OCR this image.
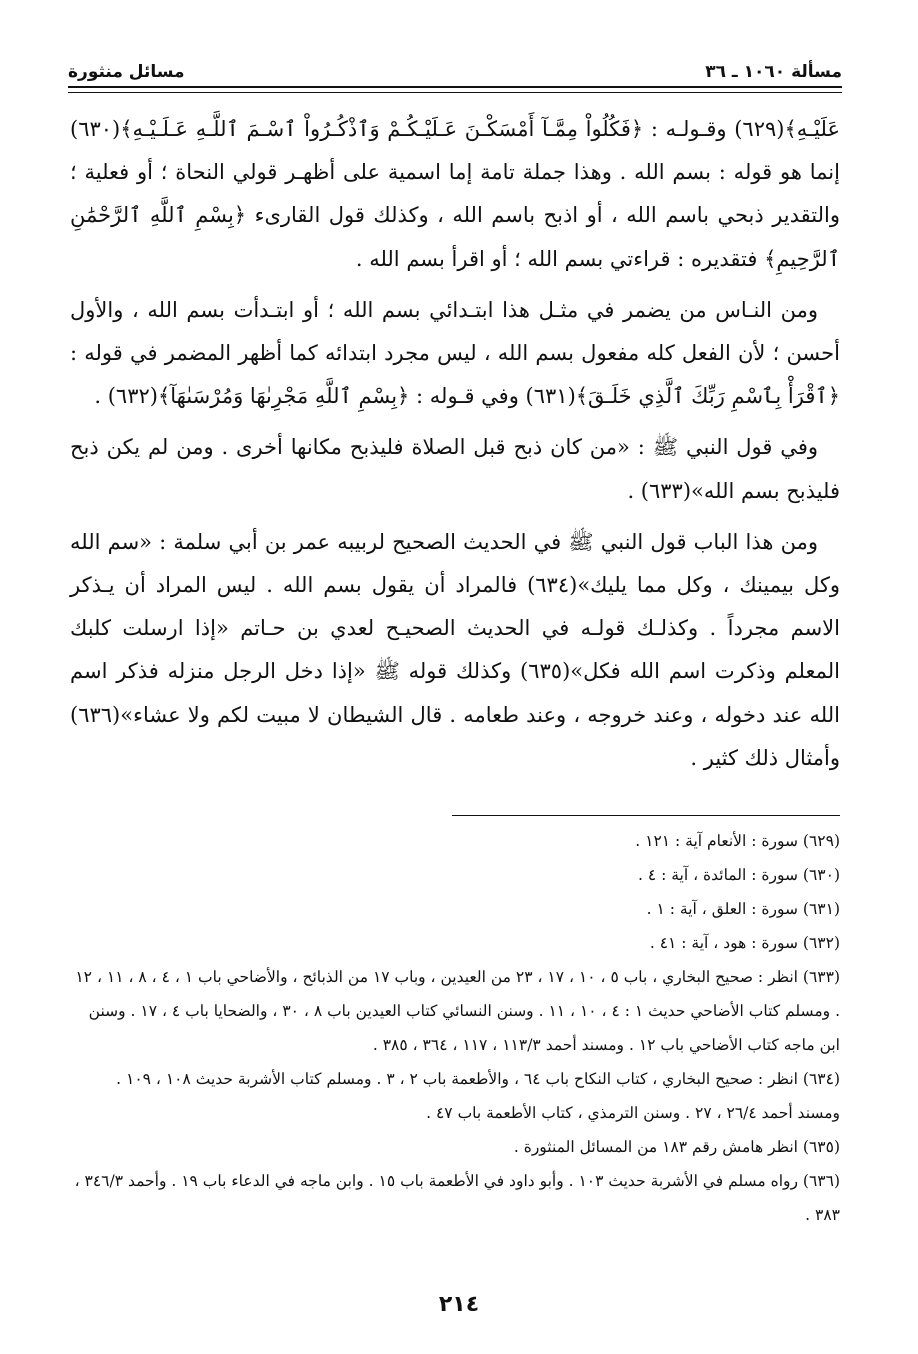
مسألة ١٠٦٠ ـ ٣٦
مسائل منثورة

عَلَيْـهِ﴾(٦٢٩) وقـولـه : ﴿فَكُلُواْ مِمَّـآ أَمْسَكْـنَ عَـلَيْـكُـمْ وَٱذْكُـرُواْ ٱسْـمَ ٱللَّـهِ عَـلَـيْـهِ﴾(٦٣٠) إنما هو قوله : بسم الله . وهذا جملة تامة إما اسمية على أظهـر قولي النحاة ؛ أو فعلية ؛ والتقدير ذبحي باسم الله ، أو اذبح باسم الله ، وكذلك قول القارىء ﴿بِسْمِ ٱللَّهِ ٱلرَّحْمَٰنِ ٱلرَّحِيمِ﴾ فتقديره : قراءتي بسم الله ؛ أو اقرأ بسم الله .

ومن النـاس من يضمر في مثـل هذا ابتـدائي بسم الله ؛ أو ابتـدأت بسم الله ، والأول أحسن ؛ لأن الفعل كله مفعول بسم الله ، ليس مجرد ابتدائه كما أظهر المضمر في قوله : ﴿ٱقْرَأْ بِٱسْمِ رَبِّكَ ٱلَّذِي خَلَـقَ﴾(٦٣١) وفي قـوله : ﴿بِسْمِ ٱللَّهِ مَجْرِىٰهَا وَمُرْسَىٰهَآ﴾(٦٣٢) .

وفي قول النبي ﷺ : «من كان ذبح قبل الصلاة فليذبح مكانها أخرى . ومن لم يكن ذبح فليذبح بسم الله»(٦٣٣) .

ومن هذا الباب قول النبي ﷺ في الحديث الصحيح لربيبه عمر بن أبي سلمة : «سم الله وكل بيمينك ، وكل مما يليك»(٦٣٤) فالمراد أن يقول بسم الله . ليس المراد أن يـذكر الاسم مجرداً . وكذلـك قولـه في الحديث الصحيـح لعدي بن حـاتم «إذا ارسلت كلبك المعلم وذكرت اسم الله فكل»(٦٣٥) وكذلك قوله ﷺ «إذا دخل الرجل منزله فذكر اسم الله عند دخوله ، وعند خروجه ، وعند طعامه . قال الشيطان لا مبيت لكم ولا عشاء»(٦٣٦) وأمثال ذلك كثير .

(٦٢٩) سورة : الأنعام آية : ١٢١ .

(٦٣٠) سورة : المائدة ، آية : ٤ .

(٦٣١) سورة : العلق ، آية : ١ .

(٦٣٢) سورة : هود ، آية : ٤١ .

(٦٣٣) انظر : صحيح البخاري ، باب ٥ ، ١٠ ، ١٧ ، ٢٣ من العيدين ، وباب ١٧ من الذبائح ، والأضاحي باب ١ ، ٤ ، ٨ ، ١١ ، ١٢ . ومسلم كتاب الأضاحي حديث ١ : ٤ ، ١٠ ، ١١ . وسنن النسائي كتاب العيدين باب ٨ ، ٣٠ ، والضحايا باب ٤ ، ١٧ . وسنن ابن ماجه كتاب الأضاحي باب ١٢ . ومسند أحمد ١١٣/٣ ، ١١٧ ، ٣٦٤ ، ٣٨٥ .

(٦٣٤) انظر : صحيح البخاري ، كتاب النكاح باب ٦٤ ، والأطعمة باب ٢ ، ٣ . ومسلم كتاب الأشربة حديث ١٠٨ ، ١٠٩ . ومسند أحمد ٢٦/٤ ، ٢٧ . وسنن الترمذي ، كتاب الأطعمة باب ٤٧ .

(٦٣٥) انظر هامش رقم ١٨٣ من المسائل المنثورة .

(٦٣٦) رواه مسلم في الأشربة حديث ١٠٣ . وأبو داود في الأطعمة باب ١٥ . وابن ماجه في الدعاء باب ١٩ . وأحمد ٣٤٦/٣ ، ٣٨٣ .

٢١٤
